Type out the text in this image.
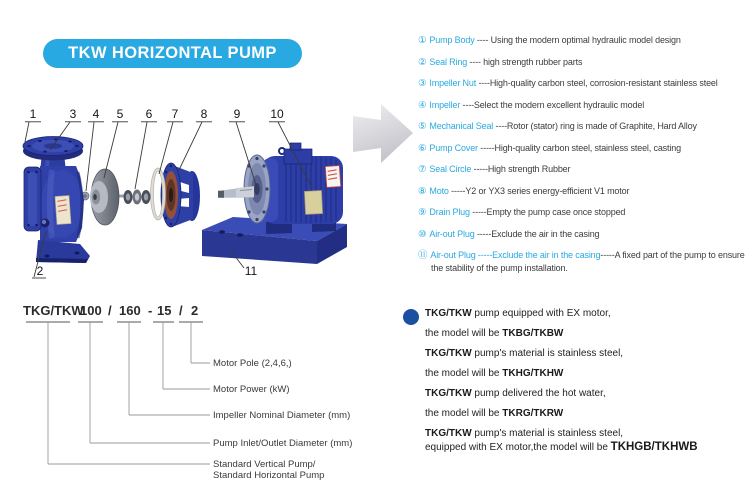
TKW HORIZONTAL PUMP
1	3 4 5 6 7 8 9 10
2	11
① Pump Body ---- Using the modern optimal hydraulic model design
② Seal Ring ---- high strength rubber parts
③ Impeller Nut ----High-quality carbon steel, corrosion-resistant stainless steel
④ Impeller ----Select the modern excellent hydraulic model
⑤ Mechanical Seal ----Rotor (stator) ring is made of Graphite, Hard Alloy
⑥ Pump Cover -----High-quality carbon steel, stainless steel, casting
⑦ Seal Circle -----High strength Rubber
⑧ Moto -----Y2 or YX3 series energy-efficient V1 motor
⑨ Drain Plug -----Empty the pump case once stopped
⑩ Air-out Plug -----Exclude the air in the casing
⑪ Air-out Plug -----Exclude the air in the casing-----A fixed part of the pump to ensure the stability of the pump installation.
TKG/TKW
100 / 160 - 15 / 2
Motor Pole (2,4,6,)
Motor Power (kW)
Impeller Nominal Diameter (mm)
Pump Inlet/Outlet Diameter (mm)
Standard Vertical Pump/
Standard Horizontal Pump
TKG/TKW pump equipped with EX motor,
the model will be TKBG/TKBW
TKG/TKW pump's material is stainless steel,
the model will be TKHG/TKHW
TKG/TKW pump delivered the hot water,
the model will be TKRG/TKRW
TKG/TKW pump's material is stainless steel,
equipped with EX motor,the model will be TKHGB/TKHWB
